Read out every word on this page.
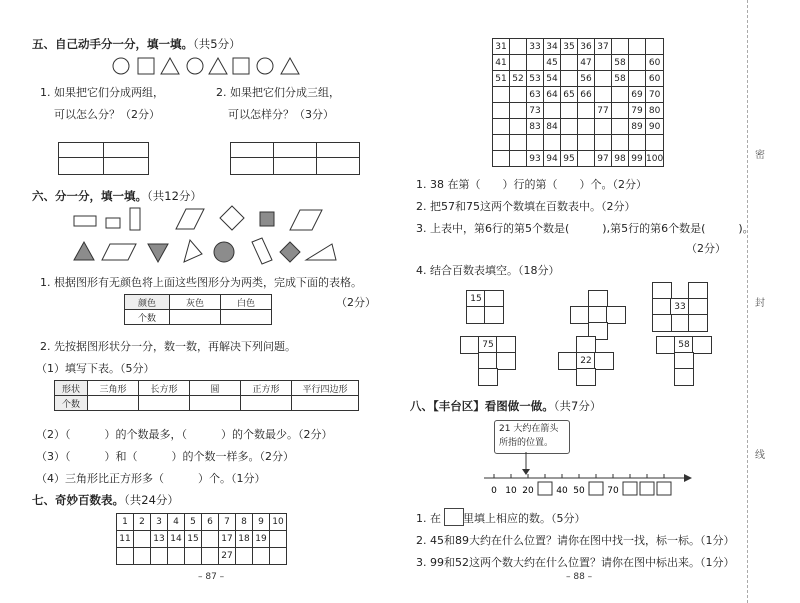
五、自己动手分一分，填一填。（共5分）
1. 如果把它们分成两组，
可以怎么分？（2分）
2. 如果把它们分成三组，
可以怎样分？（3分）

六、分一分，填一填。（共12分）
1. 根据图形有无颜色将上面这些图形分为两类，完成下面的表格。
颜色	灰色	白色
个数		
（2分）
2. 先按据图形状分一分，数一数，再解决下列问题。
（1）填写下表。（5分）
形状	三角形	长方形	圆	正方形	平行四边形
个数					
（2）（	）的个数最多，（	）的个数最少。（2分）
（3）（	）和（	）的个数一样多。（2分）
（4）三角形比正方形多（	）个。（1分）
七、奇妙百数表。（共24分）
1	2	3	4	5	6	7	8	9	10
11		13	14	15		17	18	19	
						27			
– 87 –
31		33	34	35	36	37			
41			45		47		58		60
51	52	53	54		56		58		60
		63	64	65	66			69	70
		73				77		79	80
		83	84					89	90

		93	94	95		97	98	99	100
1. 38 在第（　　）行的第（　　）个。（2分）
2. 把57和75这两个数填在百数表中。（2分）
3. 上表中，第6行的第5个数是(　　　),第5行的第6个数是(　　　)。
（2分）
4. 结合百数表填空。（18分）
15
33
75
22
58
八、【丰台区】看图做一做。（共7分）
21 大约在箭头
所指的位置。
0 10 20	40 50	70
1. 在　　里填上相应的数。（5分）
2. 45和89大约在什么位置？请你在图中找一找，标一标。（1分）
3. 99和52这两个数大约在什么位置？请你在图中标出来。（1分）
– 88 –
密
封
线
